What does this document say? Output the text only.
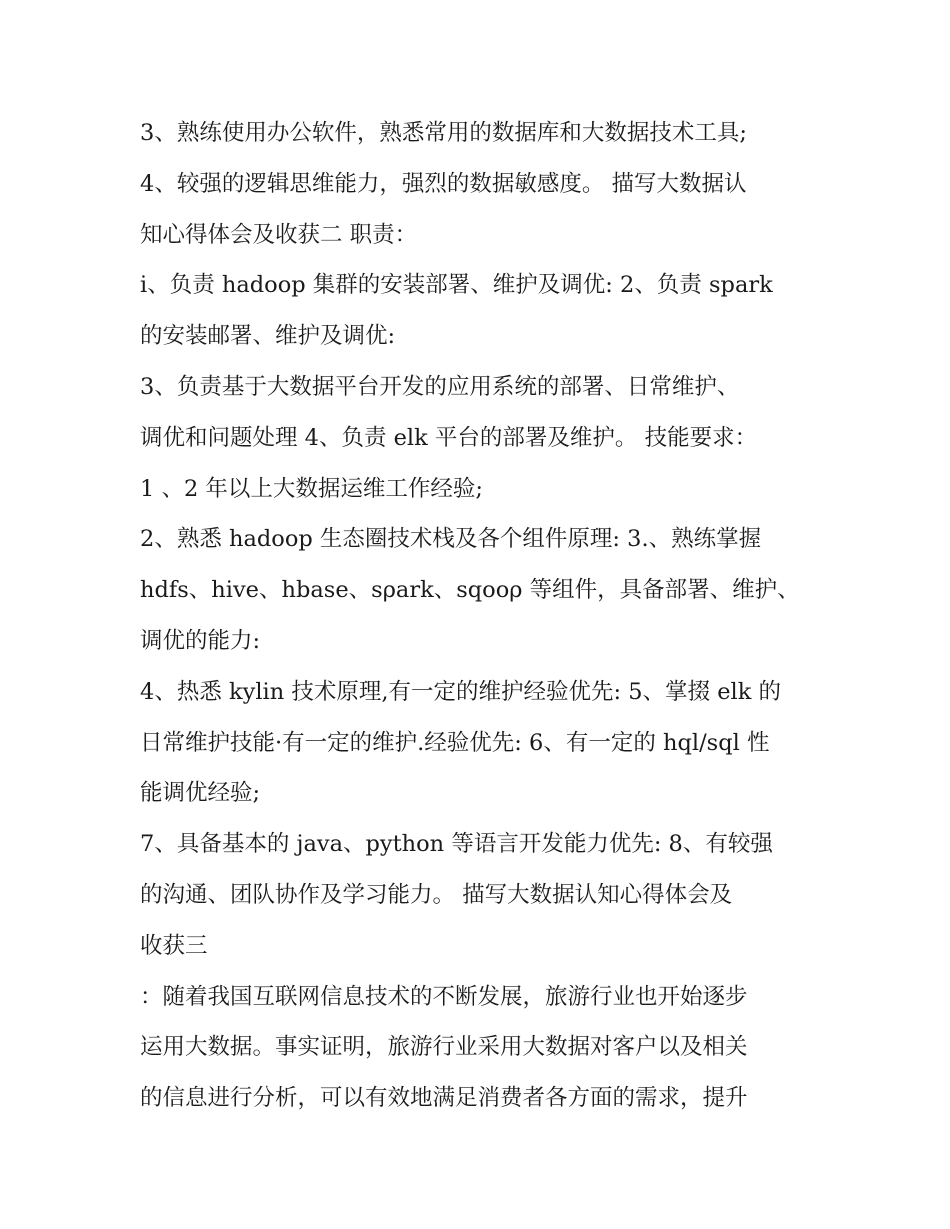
3、熟练使用办公软件，熟悉常用的数据库和大数据技术工具;
4、较强的逻辑思维能力，强烈的数据敏感度。 描写大数据认
知心得体会及收获二 职责：
i、负责 hadoop 集群的安装部署、维护及调优: 2、负责 spark
的安装邮署、维护及调优:
3、负责基于大数据平台开发的应用系统的部署、日常维护、
调优和问题处理 4、负责 elk 平台的部署及维护。 技能要求：
1 、2 年以上大数据运维工作经验;
2、熟悉 hadoop 生态圈技术栈及各个组件原理: 3.、熟练掌握
hdfs、hive、hbase、sρark、sqooρ 等组件，具备部署、维护、
调优的能力:
4、热悉 kylin 技术原理,有一定的维护经验优先: 5、掌掇 elk 的
日常维护技能·有一定的维护.经验优先: 6、有一定的 hql/sql 性
能调优经验;
7、具备基本的 java、python 等语言开发能力优先: 8、有较强
的沟通、团队协作及学习能力。 描写大数据认知心得体会及
收获三
：随着我国互联网信息技术的不断发展，旅游行业也开始逐步
运用大数据。事实证明，旅游行业采用大数据对客户以及相关
的信息进行分析，可以有效地满足消费者各方面的需求，提升
